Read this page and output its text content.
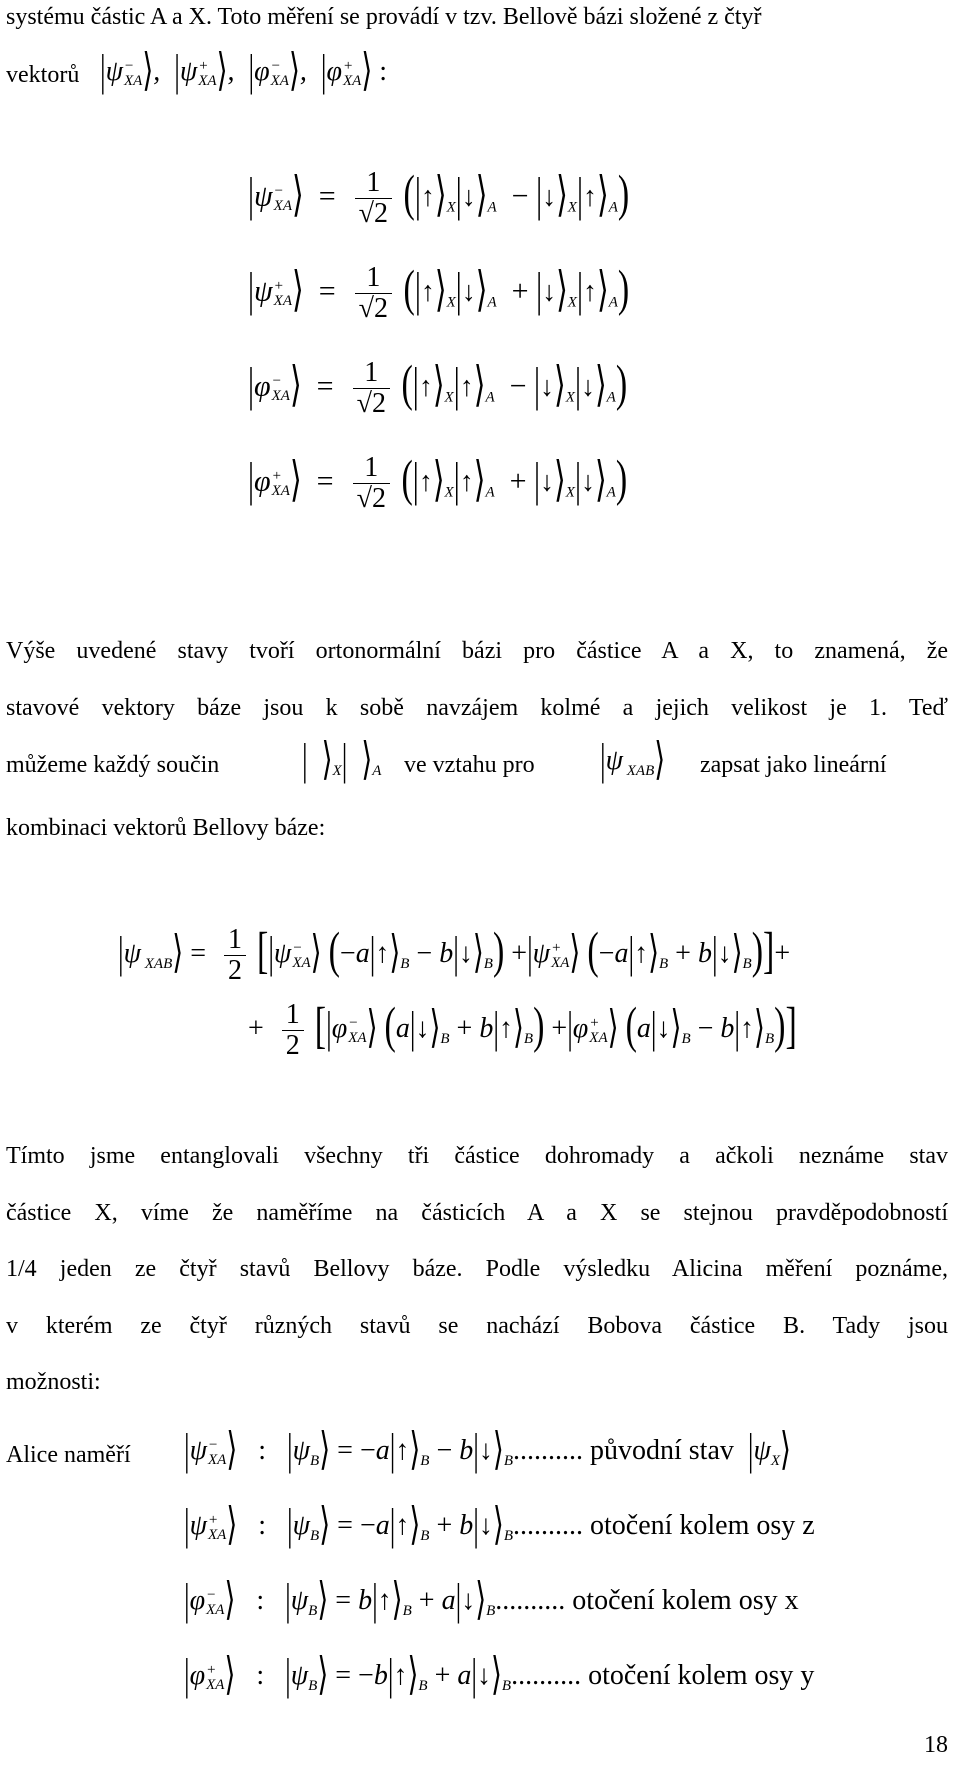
systému částic A a X. Toto měření se provádí v tzv. Bellově bázi složené z čtyř
vektorů |ψ −
XA ⟩,  |ψ +
XA ⟩,  |φ −
XA ⟩,  |φ +
XA ⟩ :
|ψ −
XA ⟩  = $\frac{1}{√2}$ ($|↑⟩_X|↓⟩_A$  − $|↓⟩_X|↑⟩_A$)
|ψ +
XA ⟩  = $\frac{1}{√2}$ ($|↑⟩_X|↓⟩_A$  + $|↓⟩_X|↑⟩_A$)
|φ −
XA ⟩  = $\frac{1}{√2}$ ($|↑⟩_X|↑⟩_A$  − $|↓⟩_X|↓⟩_A$)
|φ +
XA ⟩  = $\frac{1}{√2}$ ($|↑⟩_X|↑⟩_A$  + $|↓⟩_X|↓⟩_A$)
Výše uvedené stavy tvoří ortonormální bázi pro částice A a X, to znamená, že
stavové vektory báze jsou k sobě navzájem kolmé a jejich velikost je 1. Teď
můžeme každý součin	| $⟩_X|$ $⟩_A$ ve vztahu pro |ψ $_{XAB}$⟩ zapsat jako lineární
kombinaci vektorů Bellovy báze:
|ψ $_{XAB}$⟩ = $\frac{1}{2} [|\psi$ −
XA ⟩ ($-a|↑⟩_B$ − $b|↓⟩_B) +|\psi$ +
XA ⟩ ($-a|↑⟩_B$ + $b|↓⟩_B)]+$
+ $\frac{1}{2} [|\varphi$ −
XA ⟩ ($a|↓⟩_B$ + $b|↑⟩_B) +|\varphi$ +
XA ⟩ ($a|↓⟩_B$ − $b|↑⟩_B$)]
Tímto jsme entanglovali všechny tři částice dohromady a ačkoli neznáme stav
částice X, víme že naměříme na částicích A a X se stejnou pravděpodobností
1/4 jeden ze čtyř stavů Bellovy báze. Podle výsledku Alicina měření poznáme,
v kterém ze čtyř různých stavů se nachází Bobova částice B. Tady jsou
možnosti:
Alice naměří |ψ −
XA ⟩   :   $|\psi_B⟩$ = $-a|↑⟩_B$ − $b|↓⟩_B$.......... původní stav  $|\psi_X⟩$
|ψ +
XA ⟩   :   $|\psi_B⟩$ = $-a|↑⟩_B$ + $b|↓⟩_B$.......... otočení kolem osy z
|φ −
XA ⟩   :   $|\psi_B⟩$ = $b|↑⟩_B$ + $a|↓⟩_B$.......... otočení kolem osy x
|φ +
XA ⟩   :   $|\psi_B⟩$ = $-b|↑⟩_B$ + $a|↓⟩_B$.......... otočení kolem osy y
18
